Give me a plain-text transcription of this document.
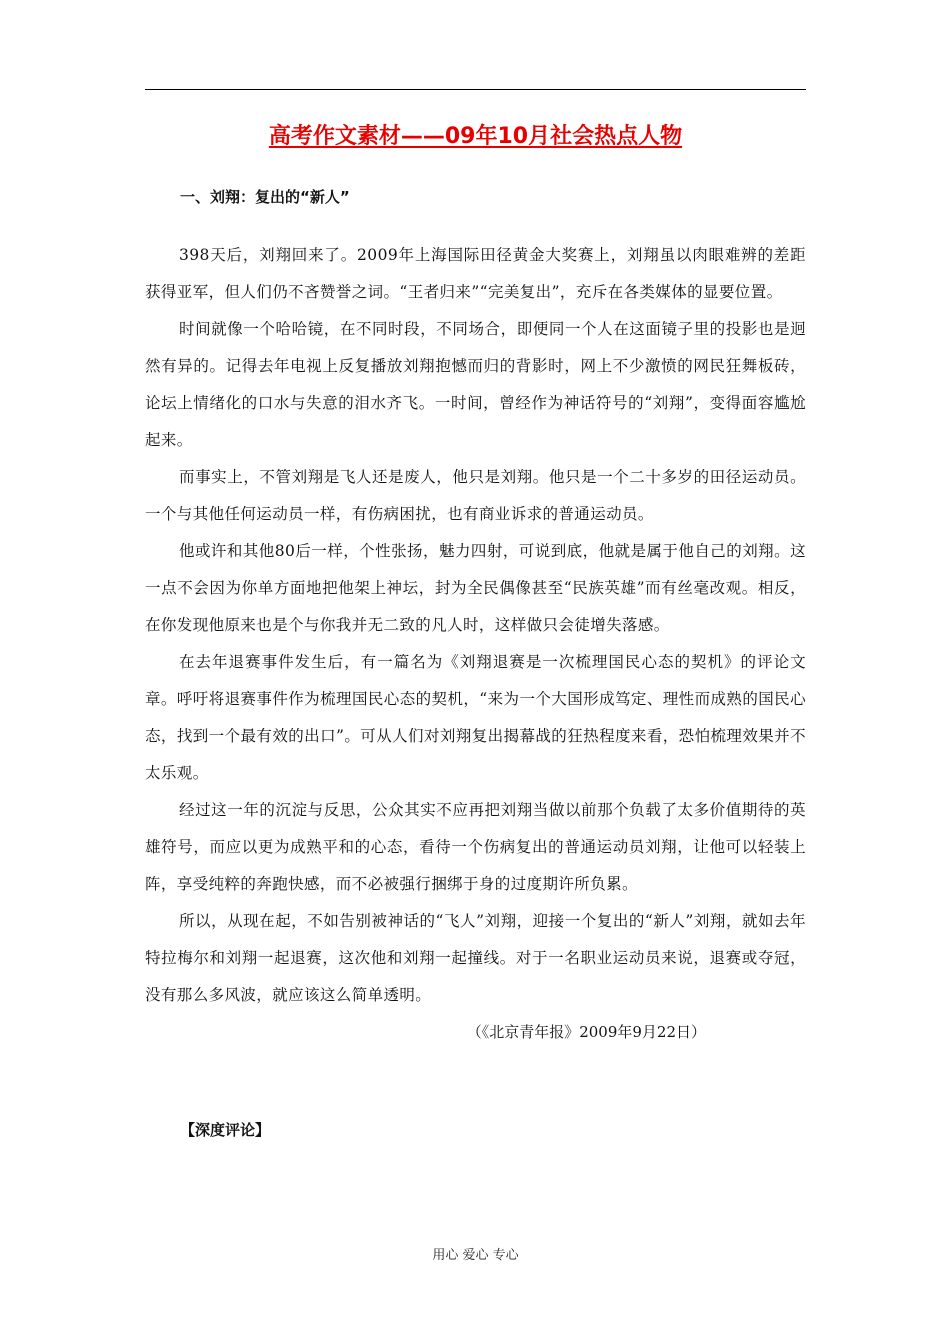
高考作文素材——09年10月社会热点人物
一、刘翔：复出的“新人”

398天后，刘翔回来了。2009年上海国际田径黄金大奖赛上，刘翔虽以肉眼难辨的差距获得亚军，但人们仍不吝赞誉之词。“王者归来”“完美复出”，充斥在各类媒体的显要位置。

时间就像一个哈哈镜，在不同时段，不同场合，即便同一个人在这面镜子里的投影也是迥然有异的。记得去年电视上反复播放刘翔抱憾而归的背影时，网上不少激愤的网民狂舞板砖，论坛上情绪化的口水与失意的泪水齐飞。一时间，曾经作为神话符号的“刘翔”，变得面容尴尬起来。

而事实上，不管刘翔是飞人还是废人，他只是刘翔。他只是一个二十多岁的田径运动员。一个与其他任何运动员一样，有伤病困扰，也有商业诉求的普通运动员。

他或许和其他80后一样，个性张扬，魅力四射，可说到底，他就是属于他自己的刘翔。这一点不会因为你单方面地把他架上神坛，封为全民偶像甚至“民族英雄”而有丝毫改观。相反，在你发现他原来也是个与你我并无二致的凡人时，这样做只会徒增失落感。

在去年退赛事件发生后，有一篇名为《刘翔退赛是一次梳理国民心态的契机》的评论文章。呼吁将退赛事件作为梳理国民心态的契机，“来为一个大国形成笃定、理性而成熟的国民心态，找到一个最有效的出口”。可从人们对刘翔复出揭幕战的狂热程度来看，恐怕梳理效果并不太乐观。

经过这一年的沉淀与反思，公众其实不应再把刘翔当做以前那个负载了太多价值期待的英雄符号，而应以更为成熟平和的心态，看待一个伤病复出的普通运动员刘翔，让他可以轻装上阵，享受纯粹的奔跑快感，而不必被强行捆绑于身的过度期许所负累。

所以，从现在起，不如告别被神话的“飞人”刘翔，迎接一个复出的“新人”刘翔，就如去年特拉梅尔和刘翔一起退赛，这次他和刘翔一起撞线。对于一名职业运动员来说，退赛或夺冠，没有那么多风波，就应该这么简单透明。

（《北京青年报》2009年9月22日）

【深度评论】
用心 爱心 专心
